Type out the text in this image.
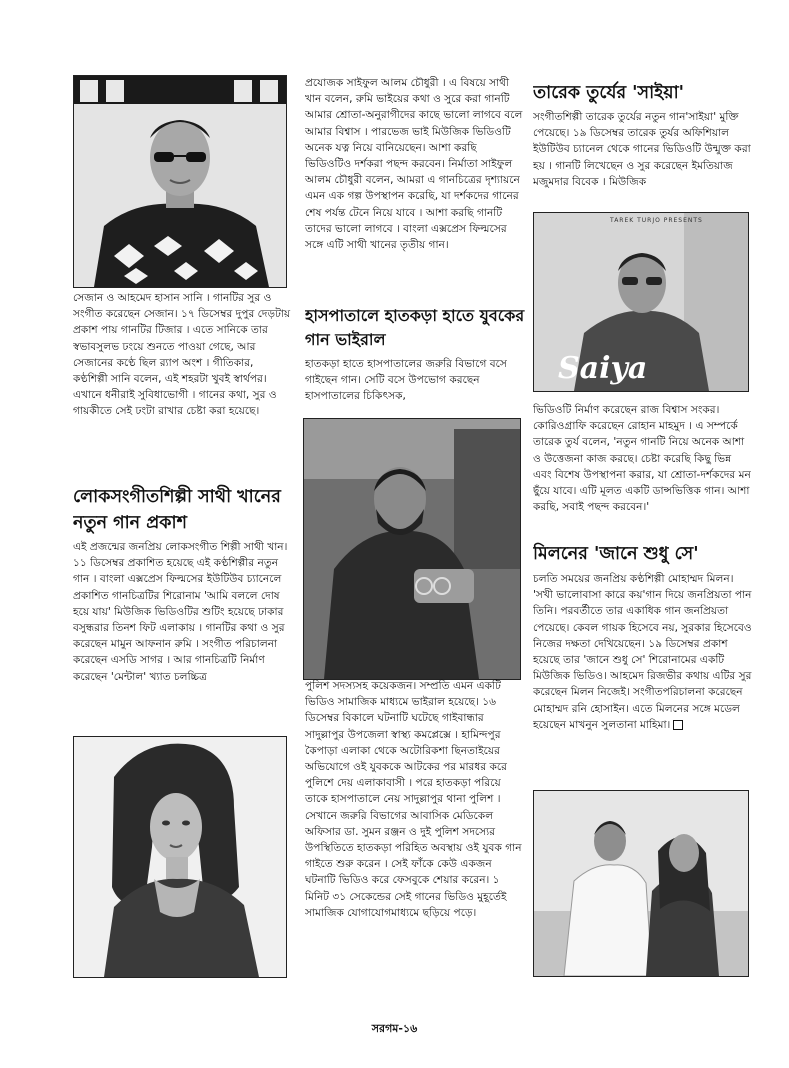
সেজান ও আহমেদ হাসান সানি । গানটির সুর ও সংগীত করেছেন সেজান। ১৭ ডিসেম্বর দুপুর দেড়টায় প্রকাশ পায় গানটির টিজার । এতে সানিকে তার স্বভাবসুলভ ঢংয়ে শুনতে পাওয়া গেছে, আর সেজানের কণ্ঠে ছিল র‌্যাপ অংশ । গীতিকার, কণ্ঠশিল্পী সানি বলেন, এই শহরটা খুবই স্বার্থপর। এখানে ধনীরাই সুবিধাভোগী । গানের কথা, সুর ও গায়কীতে সেই ঢংটা রাখার চেষ্টা করা হয়েছে।

লোকসংগীতশিল্পী সাথী খানের নতুন গান প্রকাশ

এই প্রজন্মের জনপ্রিয় লোকসংগীত শিল্পী সাথী খান। ১১ ডিসেম্বর প্রকাশিত হয়েছে এই কণ্ঠশিল্পীর নতুন গান । বাংলা এক্সপ্রেস ফিল্মসের ইউটিউব চ্যানেলে প্রকাশিত গানচিত্রটির শিরোনাম 'আমি বললে দোষ হয়ে যায়' মিউজিক ভিডিওটির শুটিং হয়েছে ঢাকার বসুন্ধরার তিনশ ফিট এলাকায় । গানটির কথা ও সুর করেছেন মামুন আফনান রুমি । সংগীত পরিচালনা করেছেন এসডি সাগর । আর গানচিত্রটি নির্মাণ করেছেন 'মেন্টাল' খ্যাত চলচ্চিত্র

প্রযোজক সাইফুল আলম চৌধুরী । এ বিষয়ে সাথী খান বলেন, রুমি ভাইয়ের কথা ও সুরে করা গানটি আমার শ্রোতা-অনুরাগীদের কাছে ভালো লাগবে বলে আমার বিশ্বাস । পারভেজ ভাই মিউজিক ভিডিওটি অনেক যত্ন নিয়ে বানিয়েছেন। আশা করছি ভিডিওটিও দর্শকরা পছন্দ করবেন। নির্মাতা সাইফুল আলম চৌধুরী বলেন, আমরা এ গানচিত্রের দৃশ্যায়নে এমন এক গল্প উপস্থাপন করেছি, যা দর্শকদের গানের শেষ পর্যন্ত টেনে নিয়ে যাবে । আশা করছি গানটি তাদের ভালো লাগবে । বাংলা এক্সপ্রেস ফিল্মসের সঙ্গে এটি সাথী খানের তৃতীয় গান।

হাসপাতালে হাতকড়া হাতে যুবকের গান ভাইরাল

হাতকড়া হাতে হাসপাতালের জরুরি বিভাগে বসে গাইছেন গান। সেটি বসে উপভোগ করছেন হাসপাতালের চিকিৎসক,

পুলিশ সদস্যসহ কয়েকজন। সম্প্রতি এমন একটি ভিডিও সামাজিক মাধ্যমে ভাইরাল হয়েছে। ১৬ ডিসেম্বর বিকালে ঘটনাটি ঘটেছে গাইবান্ধার সাদুল্লাপুর উপজেলা স্বাস্থ্য কমপ্লেক্সে । হামিন্দপুর কৈপাড়া এলাকা থেকে অটোরিকশা ছিনতাইয়ের অভিযোগে ওই যুবককে আটকের পর মারধর করে পুলিশে দেয় এলাকাবাসী । পরে হাতকড়া পরিয়ে তাকে হাসপাতালে নেয় সাদুল্লাপুর থানা পুলিশ । সেখানে জরুরি বিভাগের আবাসিক মেডিকেল অফিসার ডা. সুমন রঞ্জন ও দুই পুলিশ সদস্যের উপস্থিতিতে হাতকড়া পরিহিত অবস্থায় ওই যুবক গান গাইতে শুরু করেন । সেই ফাঁকে কেউ একজন ঘটনাটি ভিডিও করে ফেসবুকে শেয়ার করেন। ১ মিনিট ৩১ সেকেন্ডের সেই গানের ভিডিও মুহূর্তেই সামাজিক যোগাযোগমাধ্যমে ছড়িয়ে পড়ে।

তারেক তুর্যের 'সাইয়া'

সংগীতশিল্পী তারেক তুর্যের নতুন গান'সাইয়া' মুক্তি পেয়েছে। ১৯ ডিসেম্বর তারেক তুর্যর অফিশিয়াল ইউটিউব চ্যানেল থেকে গানের ভিডিওটি উন্মুক্ত করা হয় । গানটি লিখেছেন ও সুর করেছেন ইমতিয়াজ মজুমদার বিবেক । মিউজিক

TAREK TURJO PRESENTS
Saiya

ভিডিওটি নির্মাণ করেছেন রাজ বিশ্বাস সংকর। কোরিওগ্রাফি করেছেন রোহান মাহমুদ । এ সম্পর্কে তারেক তুর্য বলেন, 'নতুন গানটি নিয়ে অনেক আশা ও উত্তেজনা কাজ করছে। চেষ্টা করেছি কিছু ভিন্ন এবং বিশেষ উপস্থাপনা করার, যা শ্রোতা-দর্শকদের মন ছুঁয়ে যাবে। এটি মূলত একটি ডান্সভিত্তিক গান। আশা করছি, সবাই পছন্দ করবেন।'

মিলনের 'জানে শুধু সে'

চলতি সময়ের জনপ্রিয় কণ্ঠশিল্পী মোহাম্মদ মিলন। 'সখী ভালোবাসা কারে কয়'গান দিয়ে জনপ্রিয়তা পান তিনি। পরবর্তীতে তার একাধিক গান জনপ্রিয়তা পেয়েছে। কেবল গায়ক হিসেবে নয়, সুরকার হিসেবেও নিজের দক্ষতা দেখিয়েছেন। ১৯ ডিসেম্বর প্রকাশ হয়েছে তার 'জানে শুধু সে' শিরোনামের একটি মিউজিক ভিডিও। আহমেদ রিজভীর কথায় এটির সুর করেছেন মিলন নিজেই। সংগীতপরিচালনা করেছেন মোহাম্মদ রনি হোসাইন। এতে মিলনের সঙ্গে মডেল হয়েছেন মাখনুন সুলতানা মাহিমা।

সরগম-১৬
